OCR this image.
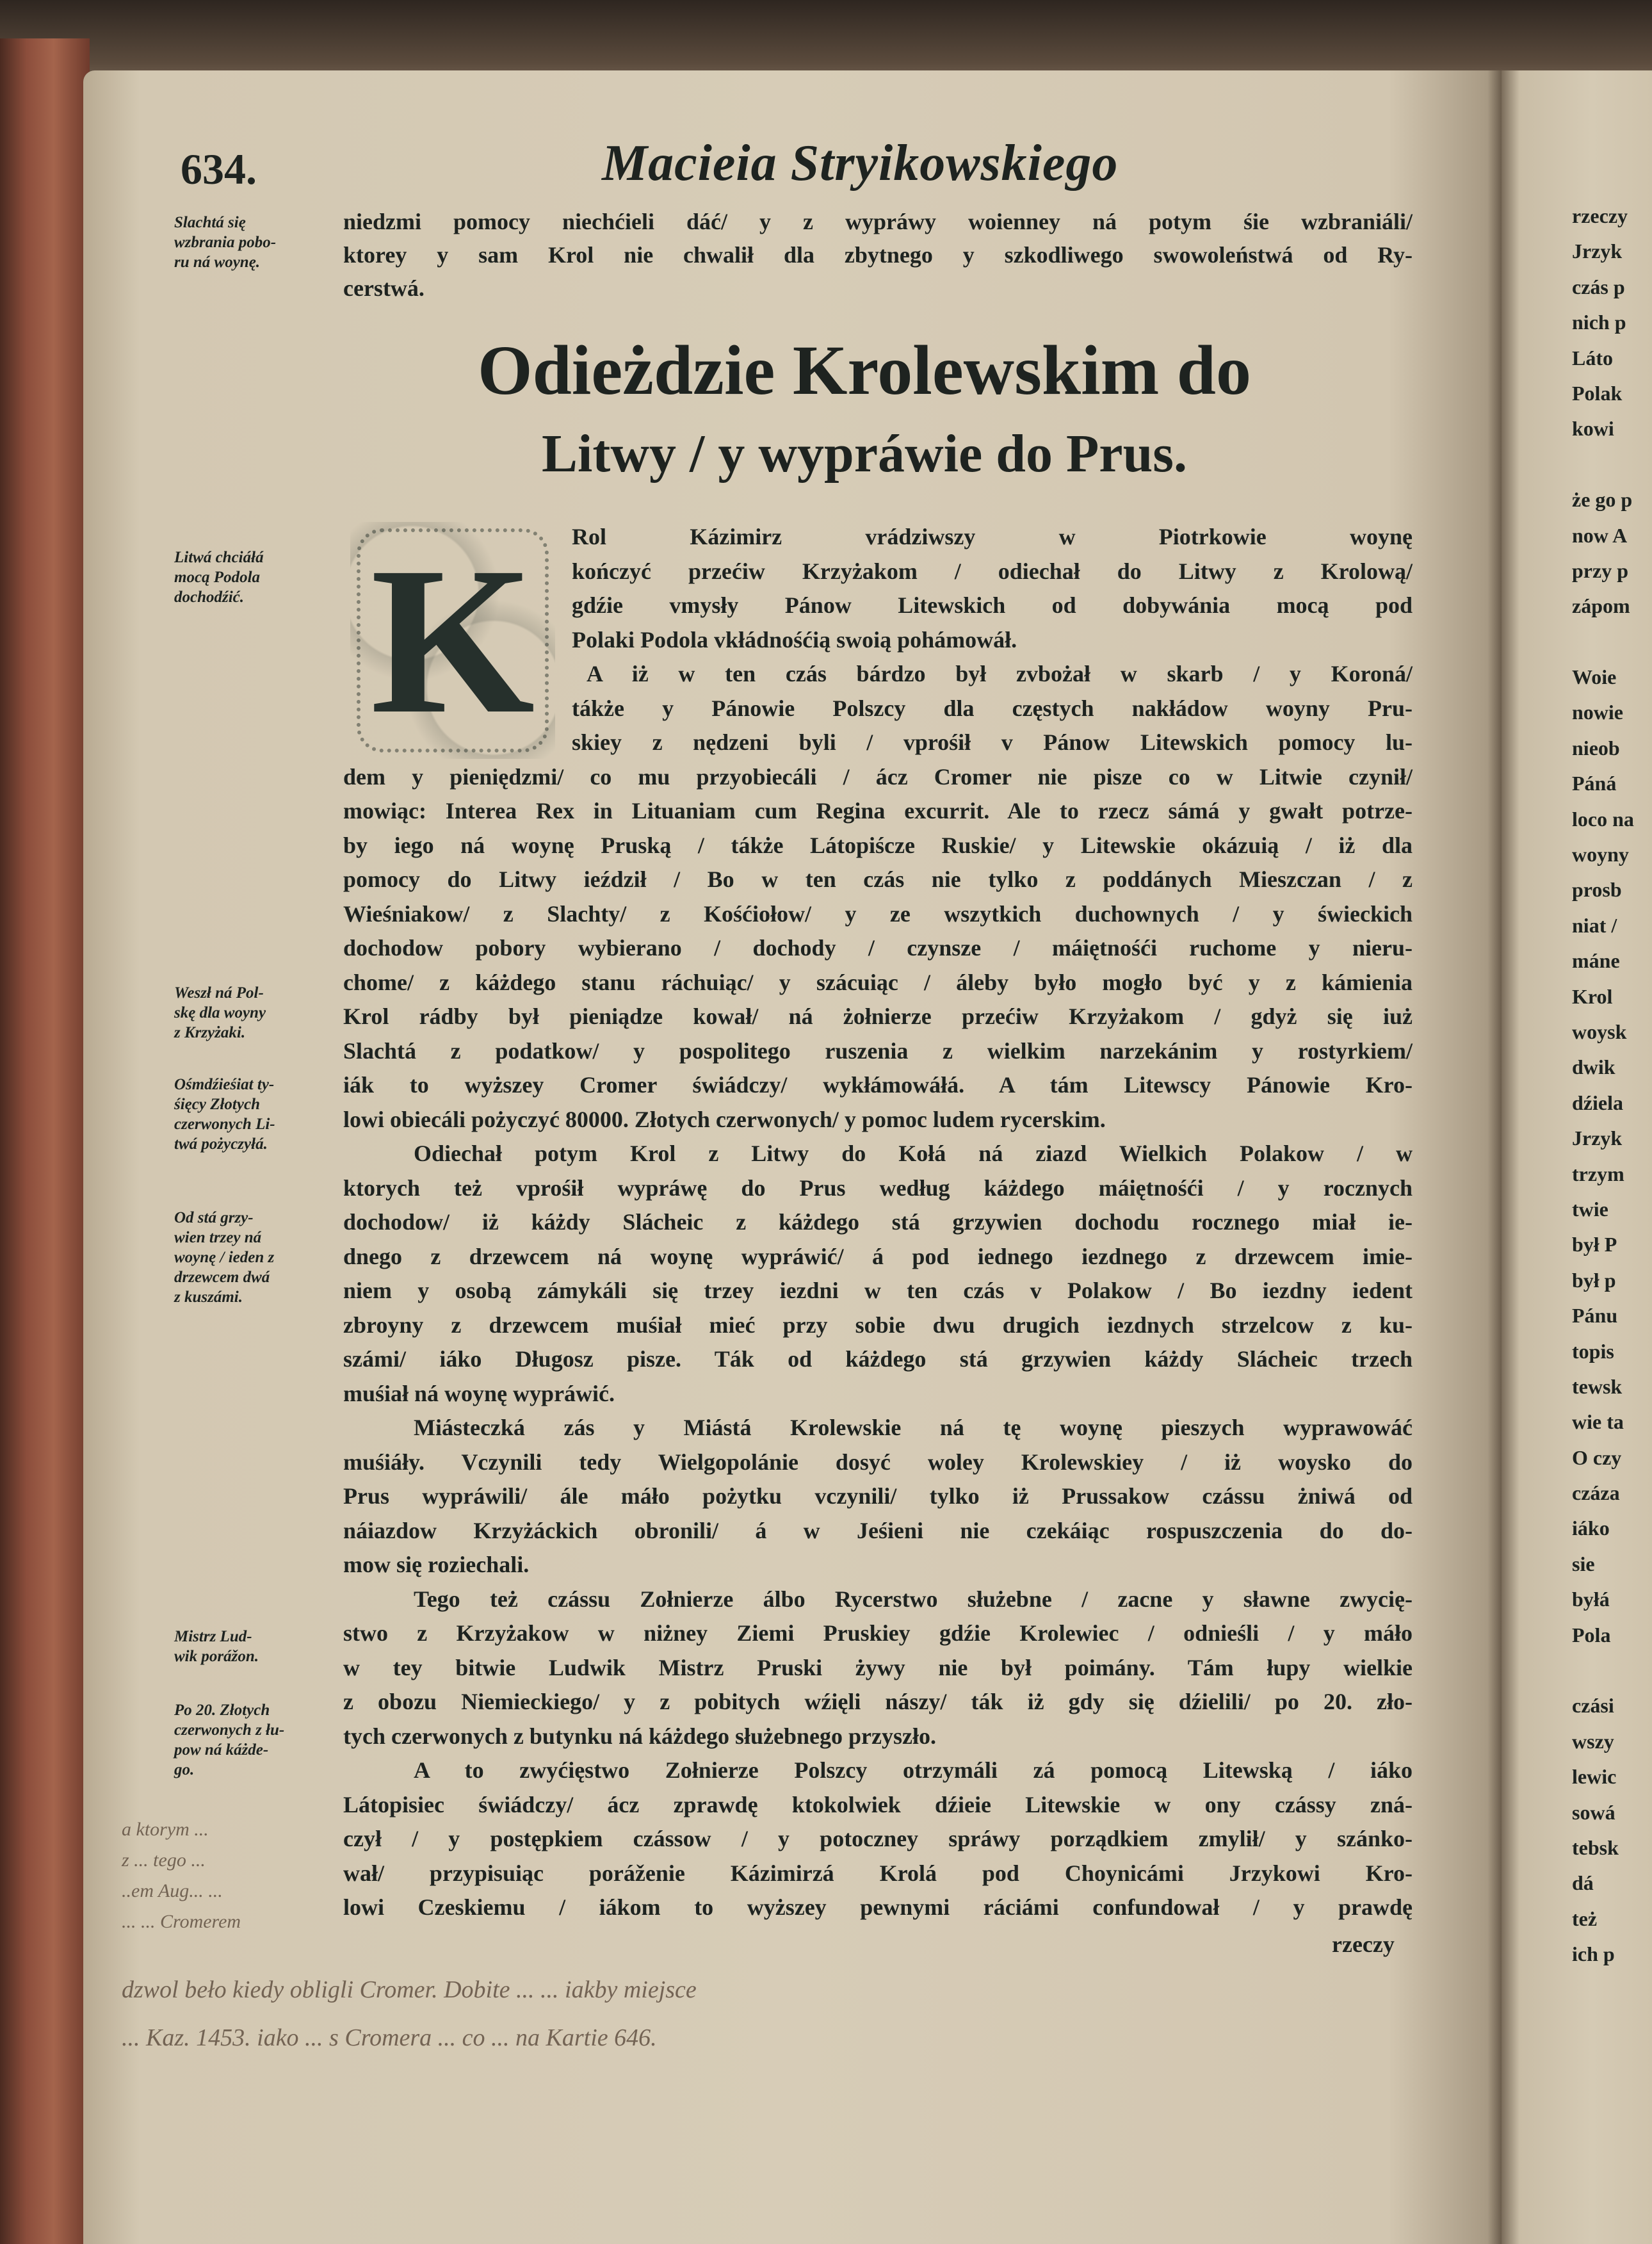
634.	Macieia Stryikowskiego
niedzmi pomocy niechćieli dáć/ y z wypráwy woienney ná potym śie wzbraniáli/
ktorey y sam Krol nie chwalił dla zbytnego y szkodliwego swowoleństwá od Ry-
cerstwá.
Odieżdzie Krolewskim do
Litwy / y wypráwie do Prus.
K	Rol Kázimirz vrádziwszy w Piotrkowie woynę
kończyć przećiw Krzyżakom / odiechał do Litwy z Krolową/
gdźie vmysły Pánow Litewskich od dobywánia mocą pod
Polaki Podola vkłádnośćią swoią pohámowáł.
A iż w ten czás bárdzo był zvbożał w skarb / y Koroná/
tákże y Pánowie Polszcy dla częstych nakłádow woyny Pru-
skiey z nędzeni byli / vprośił v Pánow Litewskich pomocy lu-
dem y pieniędzmi/ co mu przyobiecáli / ácz Cromer nie pisze co w Litwie czynił/
mowiąc: Interea Rex in Lituaniam cum Regina excurrit. Ale to rzecz sámá y gwałt potrze-
by iego ná woynę Pruską / tákże Látopiścze Ruskie/ y Litewskie okázuią / iż dla
pomocy do Litwy ieździł / Bo w ten czás nie tylko z poddánych Mieszczan / z
Wieśniakow/ z Slachty/ z Kośćiołow/ y ze wszytkich duchownych / y świeckich
dochodow pobory wybierano / dochody / czynsze / máiętnośći ruchome y nieru-
chome/ z káżdego stanu ráchuiąc/ y szácuiąc / áleby było mogło być y z kámienia
Krol rádby był pieniądze kował/ ná żołnierze przećiw Krzyżakom / gdyż się iuż
Slachtá z podatkow/ y pospolitego ruszenia z wielkim narzekánim y rostyrkiem/
iák to wyższey Cromer świádczy/ wykłámowáłá. A tám Litewscy Pánowie Kro-
lowi obiecáli pożyczyć 80000. Złotych czerwonych/ y pomoc ludem rycerskim.
Odiechał potym Krol z Litwy do Kołá ná ziazd Wielkich Polakow / w
ktorych też vprośił wypráwę do Prus według káżdego máiętnośći / y rocznych
dochodow/ iż káżdy Slácheic z káżdego stá grzywien dochodu rocznego miał ie-
dnego z drzewcem ná woynę wypráwić/ á pod iednego iezdnego z drzewcem imie-
niem y osobą zámykáli się trzey iezdni w ten czás v Polakow / Bo iezdny iedent
zbroyny z drzewcem muśiał mieć przy sobie dwu drugich iezdnych strzelcow z ku-
számi/ iáko Długosz pisze. Ták od káżdego stá grzywien káżdy Slácheic trzech
muśiał ná woynę wypráwić.
Miásteczká zás y Miástá Krolewskie ná tę woynę pieszych wyprawowáć
muśiáły. Vczynili tedy Wielgopolánie dosyć woley Krolewskiey / iż woysko do
Prus wypráwili/ ále máło pożytku vczynili/ tylko iż Prussakow czássu żniwá od
náiazdow Krzyżáckich obronili/ á w Jeśieni nie czekáiąc rospuszczenia do do-
mow się roziechali.
Tego też czássu Zołnierze álbo Rycerstwo służebne / zacne y sławne zwycię-
stwo z Krzyżakow w niżney Ziemi Pruskiey gdźie Krolewiec / odnieśli / y máło
w tey bitwie Ludwik Mistrz Pruski żywy nie był poimány. Tám łupy wielkie
z obozu Niemieckiego/ y z pobitych wźięli nászy/ ták iż gdy się dźielili/ po 20. zło-
tych czerwonych z butynku ná káżdego służebnego przyszło.
A to zwyćięstwo Zołnierze Polszcy otrzymáli zá pomocą Litewską / iáko
Látopisiec świádczy/ ácz zprawdę ktokolwiek dźieie Litewskie w ony czássy zná-
czył / y postępkiem czássow / y potoczney spráwy porządkiem zmylił/ y szánko-
wał/ przypisuiąc poráženie Kázimirzá Krolá pod Choynicámi Jrzykowi Kro-
lowi Czeskiemu / iákom to wyższey pewnymi ráciámi confundował / y prawdę
rzeczy
Slachtá się
wzbrania pobo-
ru ná woynę.
Litwá chciáłá
mocą Podola
dochodźić.
Weszł ná Pol-
skę dla woyny
z Krzyżaki.
Ośmdźieśiat ty-
śięcy Złotych
czerwonych Li-
twá pożyczyłá.
Od stá grzy-
wien trzey ná
woynę / ieden z
drzewcem dwá
z kuszámi.
Mistrz Lud-
wik porážon.
Po 20. Złotych
czerwonych z łu-
pow ná káżde-
go.
a ktorym ...
z ... tego ...
..em Aug... ...
... ... Cromerem
dzwol beło kiedy obligli Cromer. Dobite ... ... iakby miejsce
... Kaz. 1453. iako ... s Cromera ... co ... na Kartie 646.
rzeczy
Jrzyk
czás p
nich p
Láto
Polak
kowi

że go p
now A
przy p
zápom

Woie
nowie
nieob
Páná
loco na
woyny
prosb
niat /
máne
Krol
woysk
dwik
dźiela
Jrzyk
trzym
twie
był P
był p
Pánu
topis
tewsk
wie ta
O czy
czáza
iáko
sie
byłá
Pola

czási
wszy
lewic
sowá
tebsk
dá
też
ich p
